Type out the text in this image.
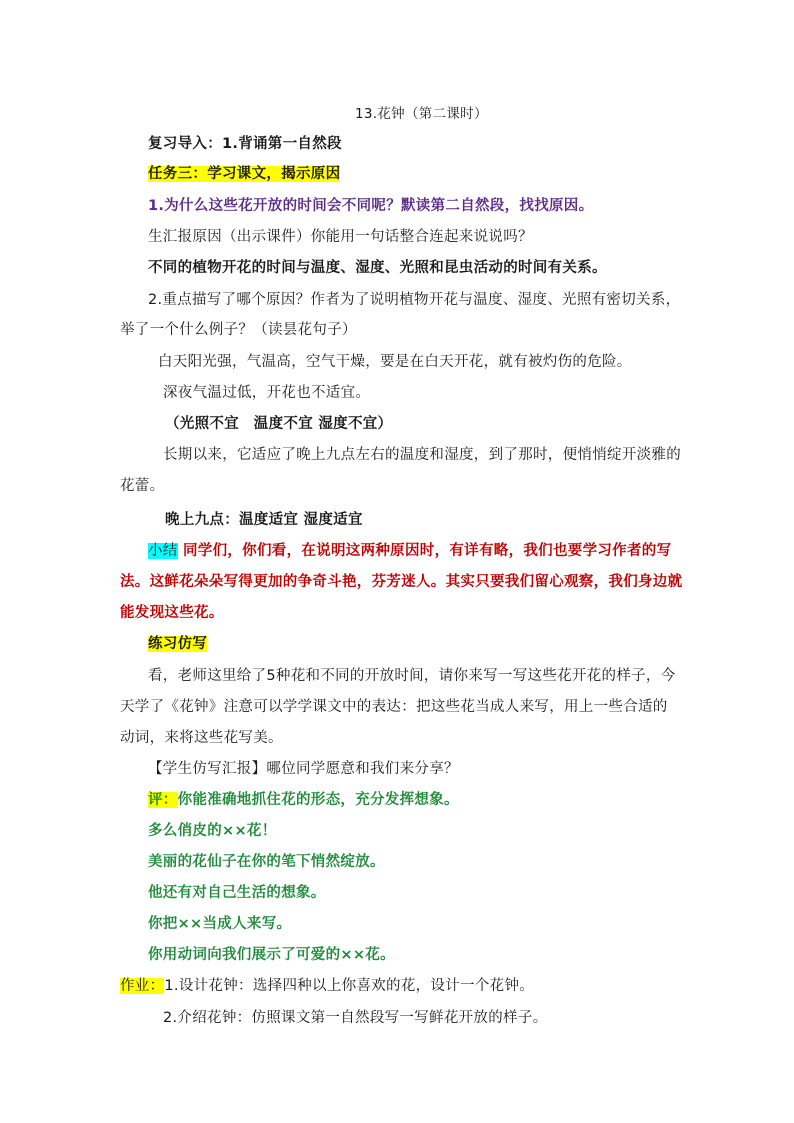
13.花钟（第二课时）
复习导入：1.背诵第一自然段
任务三：学习课文，揭示原因
1.为什么这些花开放的时间会不同呢？默读第二自然段，找找原因。
生汇报原因（出示课件）你能用一句话整合连起来说说吗？
不同的植物开花的时间与温度、湿度、光照和昆虫活动的时间有关系。
2.重点描写了哪个原因？作者为了说明植物开花与温度、湿度、光照有密切关系，
举了一个什么例子？（读昙花句子）
白天阳光强，气温高，空气干燥，要是在白天开花，就有被灼伤的危险。
深夜气温过低，开花也不适宜。
（光照不宜　温度不宜 湿度不宜）
长期以来，它适应了晚上九点左右的温度和湿度，到了那时，便悄悄绽开淡雅的
花蕾。
晚上九点：温度适宜 湿度适宜
小结 同学们，你们看，在说明这两种原因时，有详有略，我们也要学习作者的写
法。这鲜花朵朵写得更加的争奇斗艳，芬芳迷人。其实只要我们留心观察，我们身边就
能发现这些花。
练习仿写
看，老师这里给了5种花和不同的开放时间，请你来写一写这些花开花的样子，今
天学了《花钟》注意可以学学课文中的表达：把这些花当成人来写，用上一些合适的
动词，来将这些花写美。
【学生仿写汇报】哪位同学愿意和我们来分享？
评：你能准确地抓住花的形态，充分发挥想象。
多么俏皮的××花！
美丽的花仙子在你的笔下悄然绽放。
他还有对自己生活的想象。
你把××当成人来写。
你用动词向我们展示了可爱的××花。
作业：1.设计花钟：选择四种以上你喜欢的花，设计一个花钟。
2.介绍花钟：仿照课文第一自然段写一写鲜花开放的样子。
